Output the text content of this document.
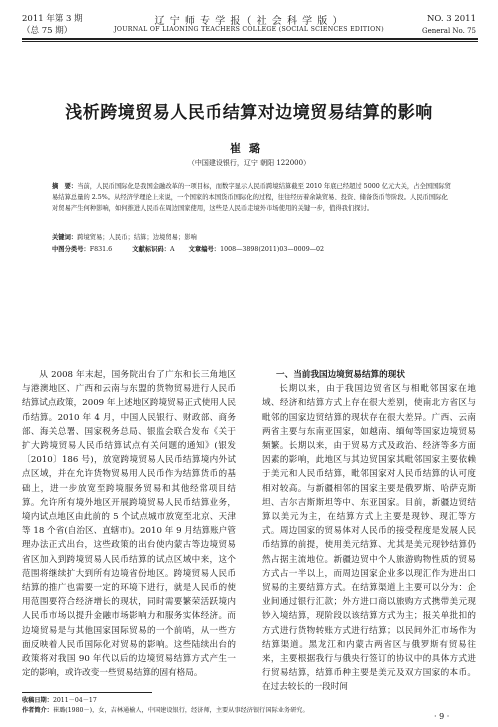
2011 年第 3 期
（总 75 期）
辽 宁 师 专 学 报（ 社 会 科 学 版 ）
JOURNAL OF LIAONING TEACHERS COLLEGE (SOCIAL SCIENCES EDITION)
NO. 3 2011
General No. 75
浅析跨境贸易人民币结算对边境贸易结算的影响
崔璐
（中国建设银行，辽宁 朝阳 122000）
摘　要：当前，人民币国际化是我国金融改革的一项目标，而数字显示人民币跨境结算截至 2010 年底已经超过 5000 亿元大关，占全国国际贸易结算总量的 2.5%。从经济学理论上来说，一个国家的本国货币国际化的过程，往往经历着余缺贸易、投资、储备货币等阶段。人民币国际化对贸易产生何种影响，如何推进人民币在周边国家使用，这些是人民币走境外市场使用的关键一步，值得我们探讨。
关键词：跨境贸易；人民币；结算；边境贸易；影响
中图分类号：F831.6	文献标识码：A 文章编号：1008—3898(2011)03—0009—02

从 2008 年末起，国务院出台了广东和长三角地区与港澳地区、广西和云南与东盟的货物贸易进行人民币结算试点政策，2009 年上述地区跨境贸易正式使用人民币结算。2010 年 4 月，中国人民银行、财政部、商务部、海关总署、国家税务总局、银监会联合发布《关于扩大跨境贸易人民币结算试点有关问题的通知》(银发〔2010〕186 号)，放宽跨境贸易人民币结算境内外试点区域，并在允许货物贸易用人民币作为结算货币的基础上，进一步放宽至跨境服务贸易和其他经常项目结算。允许所有境外地区开展跨境贸易人民币结算业务，境内试点地区由此前的 5 个试点城市放宽至北京、天津等 18 个省(自治区、直辖市)。2010 年 9 月结算账户管理办法正式出台，这些政策的出台使内蒙古等边境贸易省区加入到跨境贸易人民币结算的试点区域中来，这个范围将继续扩大到所有边境省份地区。跨境贸易人民币结算的推广也需要一定的环境下进行，就是人民币的使用范围要符合经济增长的现状，同时需要繁荣活跃境内人民币市场以提升金融市场影响力和服务实体经济。而边境贸易是与其他国家国际贸易的一个前哨，从一些方面反映着人民币国际化对贸易的影响。这些陆续出台的政策将对我国 90 年代以后的边境贸易结算方式产生一定的影响，或许改变一些贸易结算的固有格局。

一、当前我国边境贸易结算的现状

长期以来，由于我国边贸省区与相毗邻国家在地域、经济和结算方式上存在很大差别，使南北方省区与毗邻的国家边贸结算的现状存在很大差异。广西、云南两省主要与东南亚国家，如越南、缅甸等国家边境贸易频繁。长期以来，由于贸易方式及政治、经济等多方面因素的影响，此地区与其边贸国家其毗邻国家主要依赖于美元和人民币结算，毗邻国家对人民币结算的认可度相对较高。与新疆相邻的国家主要是俄罗斯、哈萨克斯坦、吉尔吉斯斯坦等中、东亚国家。目前，新疆边贸结算以美元为主，在结算方式上主要是现钞、现汇等方式。周边国家的贸易体对人民币的接受程度是发展人民币结算的前提，使用美元结算、尤其是美元现钞结算仍然占据主流地位。新疆边贸中个人旅游购物性质的贸易方式占一半以上，而周边国家企业多以现汇作为进出口贸易的主要结算方式。在结算渠道上主要可以分为：企业间通过银行汇款；外方进口商以旅购方式携带美元现钞入境结算，现阶段以该结算方式为主；报关单批扣的方式进行货物转账方式进行结算；以民间外汇市场作为结算渠道。黑龙江和内蒙古两省区与俄罗斯有贸易往来，主要根据我行与俄央行签订的协议中的具体方式进行贸易结算，结算币种主要是美元及双方国家的本币。在过去较长的一段时间

收稿日期：2011－04－17
作者简介：崔璐(1980－)，女，吉林通榆人，中国建设银行，经济师，主要从事经济银行国际业务研究。
· 9 ·
